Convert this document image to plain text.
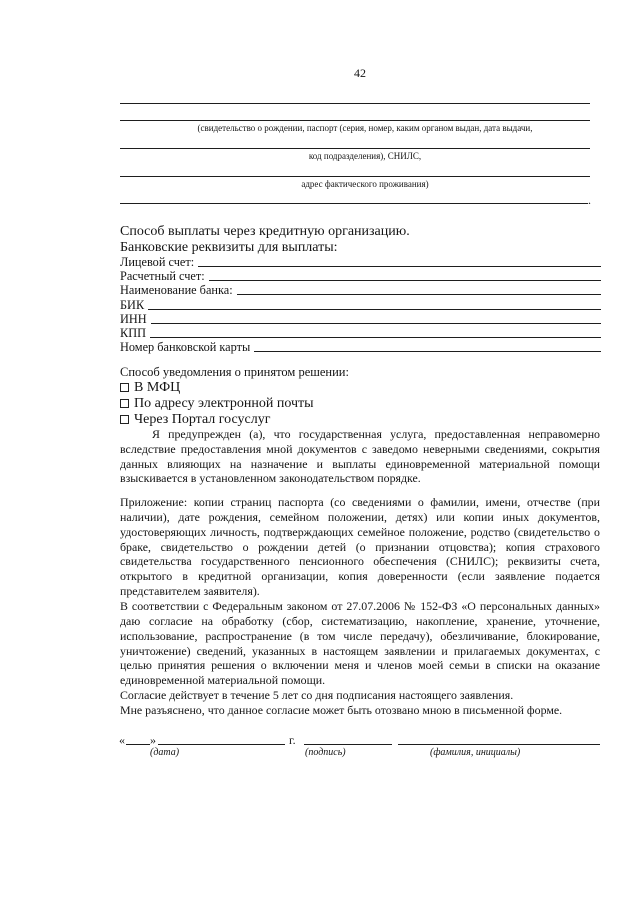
42
(свидетельство о рождении, паспорт (серия, номер, каким органом выдан, дата выдачи,
код подразделения), СНИЛС,
адрес фактического проживания)
.
Способ выплаты через кредитную организацию.
Банковские реквизиты для выплаты:
Лицевой счет:
Расчетный счет:
Наименование банка:
БИК
ИНН
КПП
Номер банковской карты
Способ уведомления о принятом решении:
В МФЦ
По адресу электронной почты
Через Портал госуслуг
Я предупрежден (а), что государственная услуга, предоставленная неправомерно
вследствие предоставления мной документов с заведомо неверными сведениями, сокрытия
данных влияющих на назначение и выплаты единовременной материальной помощи
взыскивается в установленном законодательством порядке.
Приложение: копии страниц паспорта (со сведениями о фамилии, имени, отчестве (при
наличии), дате рождения, семейном положении, детях) или копии иных документов,
удостоверяющих личность, подтверждающих семейное положение, родство (свидетельство о
браке, свидетельство о рождении детей (о признании отцовства); копия страхового
свидетельства государственного пенсионного обеспечения (СНИЛС); реквизиты счета,
открытого в кредитной организации, копия доверенности (если заявление подается
представителем заявителя).
В соответствии с Федеральным законом от 27.07.2006 № 152-ФЗ «О персональных данных»
даю согласие на обработку (сбор, систематизацию, накопление, хранение, уточнение,
использование, распространение (в том числе передачу), обезличивание, блокирование,
уничтожение) сведений, указанных в настоящем заявлении и прилагаемых документах, с
целью принятия решения о включении меня и членов моей семьи в списки на оказание
единовременной материальной помощи.
Согласие действует в течение 5 лет со дня подписания настоящего заявления.
Мне разъяснено, что данное согласие может быть отозвано мною в письменной форме.
« »	г.
(дата)	(подпись)	(фамилия, инициалы)
